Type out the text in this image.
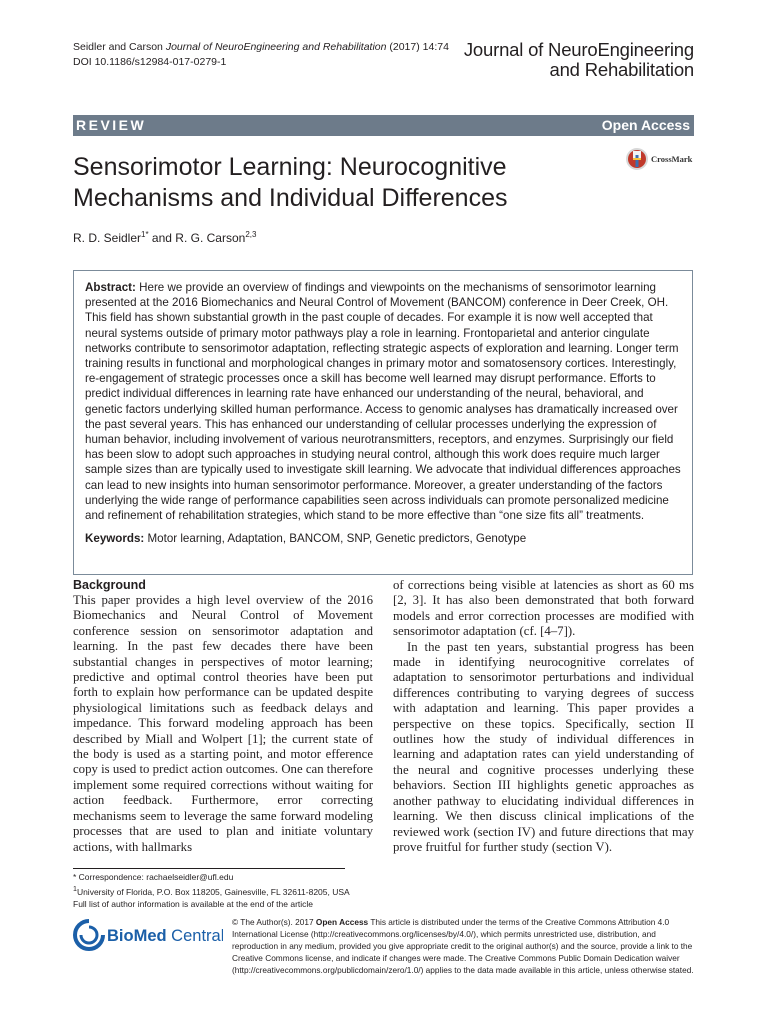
Seidler and Carson Journal of NeuroEngineering and Rehabilitation (2017) 14:74
DOI 10.1186/s12984-017-0279-1
Journal of NeuroEngineering
and Rehabilitation
REVIEW	Open Access
Sensorimotor Learning: Neurocognitive Mechanisms and Individual Differences
CrossMark
R. D. Seidler$^{1*}$ and R. G. Carson$^{2,3}$
Abstract: Here we provide an overview of findings and viewpoints on the mechanisms of sensorimotor learning presented at the 2016 Biomechanics and Neural Control of Movement (BANCOM) conference in Deer Creek, OH. This field has shown substantial growth in the past couple of decades. For example it is now well accepted that neural systems outside of primary motor pathways play a role in learning. Frontoparietal and anterior cingulate networks contribute to sensorimotor adaptation, reflecting strategic aspects of exploration and learning. Longer term training results in functional and morphological changes in primary motor and somatosensory cortices. Interestingly, re-engagement of strategic processes once a skill has become well learned may disrupt performance. Efforts to predict individual differences in learning rate have enhanced our understanding of the neural, behavioral, and genetic factors underlying skilled human performance. Access to genomic analyses has dramatically increased over the past several years. This has enhanced our understanding of cellular processes underlying the expression of human behavior, including involvement of various neurotransmitters, receptors, and enzymes. Surprisingly our field has been slow to adopt such approaches in studying neural control, although this work does require much larger sample sizes than are typically used to investigate skill learning. We advocate that individual differences approaches can lead to new insights into human sensorimotor performance. Moreover, a greater understanding of the factors underlying the wide range of performance capabilities seen across individuals can promote personalized medicine and refinement of rehabilitation strategies, which stand to be more effective than “one size fits all” treatments.
Keywords: Motor learning, Adaptation, BANCOM, SNP, Genetic predictors, Genotype
Background

This paper provides a high level overview of the 2016 Biomechanics and Neural Control of Movement conference session on sensorimotor adaptation and learning. In the past few decades there have been substantial changes in perspectives of motor learning; predictive and optimal control theories have been put forth to explain how performance can be updated despite physiological limitations such as feedback delays and impedance. This forward modeling approach has been described by Miall and Wolpert [1]; the current state of the body is used as a starting point, and motor efference copy is used to predict action outcomes. One can therefore implement some required corrections without waiting for action feedback. Furthermore, error correcting mechanisms seem to leverage the same forward modeling processes that are used to plan and initiate voluntary actions, with hallmarks

of corrections being visible at latencies as short as 60 ms [2, 3]. It has also been demonstrated that both forward models and error correction processes are modified with sensorimotor adaptation (cf. [4–7]).

In the past ten years, substantial progress has been made in identifying neurocognitive correlates of adaptation to sensorimotor perturbations and individual differences contributing to varying degrees of success with adaptation and learning. This paper provides a perspective on these topics. Specifically, section II outlines how the study of individual differences in learning and adaptation rates can yield understanding of the neural and cognitive processes underlying these behaviors. Section III highlights genetic approaches as another pathway to elucidating individual differences in learning. We then discuss clinical implications of the reviewed work (section IV) and future directions that may prove fruitful for further study (section V).

* Correspondence: rachaelseidler@ufl.edu
$^1$University of Florida, P.O. Box 118205, Gainesville, FL 32611-8205, USA
Full list of author information is available at the end of the article
BioMed Central
© The Author(s). 2017 Open Access This article is distributed under the terms of the Creative Commons Attribution 4.0 International License (http://creativecommons.org/licenses/by/4.0/), which permits unrestricted use, distribution, and reproduction in any medium, provided you give appropriate credit to the original author(s) and the source, provide a link to the Creative Commons license, and indicate if changes were made. The Creative Commons Public Domain Dedication waiver (http://creativecommons.org/publicdomain/zero/1.0/) applies to the data made available in this article, unless otherwise stated.
